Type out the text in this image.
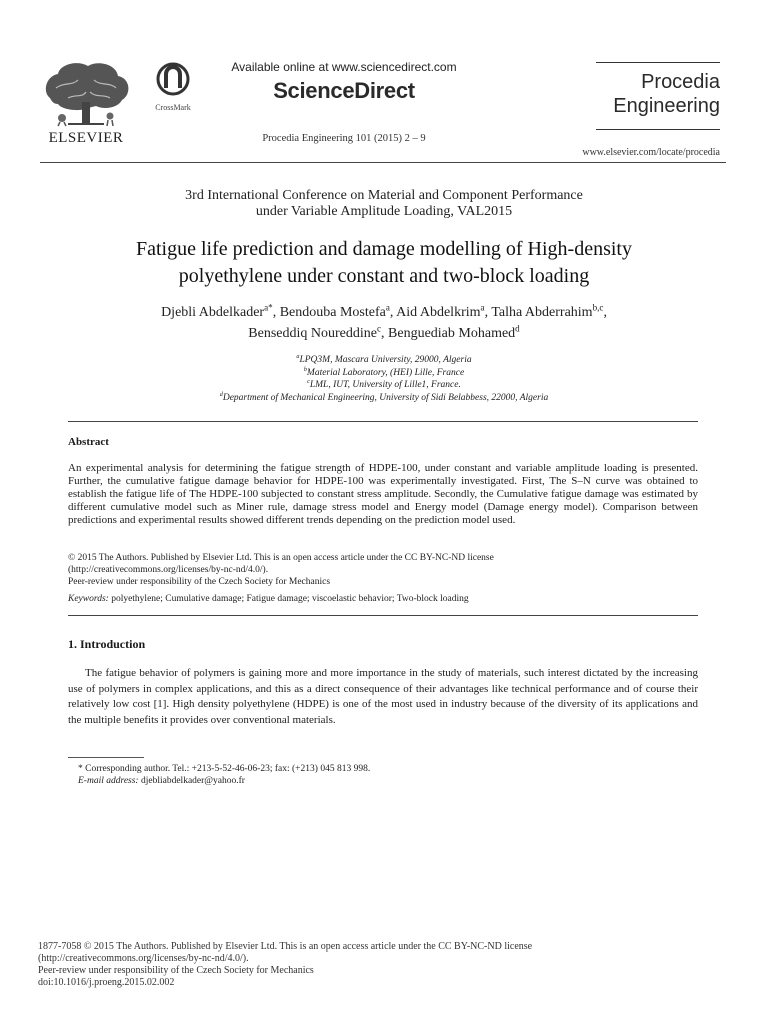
ELSEVIER
CrossMark
Available online at www.sciencedirect.com
ScienceDirect
Procedia Engineering 101 (2015) 2 – 9
Procedia
Engineering
www.elsevier.com/locate/procedia
3rd International Conference on Material and Component Performance
under Variable Amplitude Loading, VAL2015
Fatigue life prediction and damage modelling of High-density
polyethylene under constant and two-block loading
Djebli Abdelkader$^{a*}$, Bendouba Mostefa$^a$, Aid Abdelkrim$^a$, Talha Abderrahim$^{b,c}$,
Benseddiq Noureddine$^c$, Benguediab Mohamed$^d$
$^a$LPQ3M, Mascara University, 29000, Algeria
$^b$Material Laboratory, (HEI) Lille, France
$^c$LML, IUT, University of Lille1, France.
$^d$Department of Mechanical Engineering, University of Sidi Belabbess, 22000, Algeria
Abstract
An experimental analysis for determining the fatigue strength of HDPE-100, under constant and variable amplitude loading is presented. Further, the cumulative fatigue damage behavior for HDPE-100 was experimentally investigated. First, The S–N curve was obtained to establish the fatigue life of The HDPE-100 subjected to constant stress amplitude. Secondly, the Cumulative fatigue damage was estimated by different cumulative model such as Miner rule, damage stress model and Energy model (Damage energy model). Comparison between predictions and experimental results showed different trends depending on the prediction model used.
© 2015 The Authors. Published by Elsevier Ltd. This is an open access article under the CC BY-NC-ND license
(http://creativecommons.org/licenses/by-nc-nd/4.0/).
Peer-review under responsibility of the Czech Society for Mechanics
Keywords: polyethylene; Cumulative damage; Fatigue damage; viscoelastic behavior; Two-block loading
1. Introduction
The fatigue behavior of polymers is gaining more and more importance in the study of materials, such interest dictated by the increasing use of polymers in complex applications, and this as a direct consequence of their advantages like technical performance and of course their relatively low cost [1]. High density polyethylene (HDPE) is one of the most used in industry because of the diversity of its applications and the multiple benefits it provides over conventional materials.
* Corresponding author. Tel.: +213-5-52-46-06-23; fax: (+213) 045 813 998.
E-mail address: djebliabdelkader@yahoo.fr
1877-7058 © 2015 The Authors. Published by Elsevier Ltd. This is an open access article under the CC BY-NC-ND license
(http://creativecommons.org/licenses/by-nc-nd/4.0/).
Peer-review under responsibility of the Czech Society for Mechanics
doi:10.1016/j.proeng.2015.02.002
